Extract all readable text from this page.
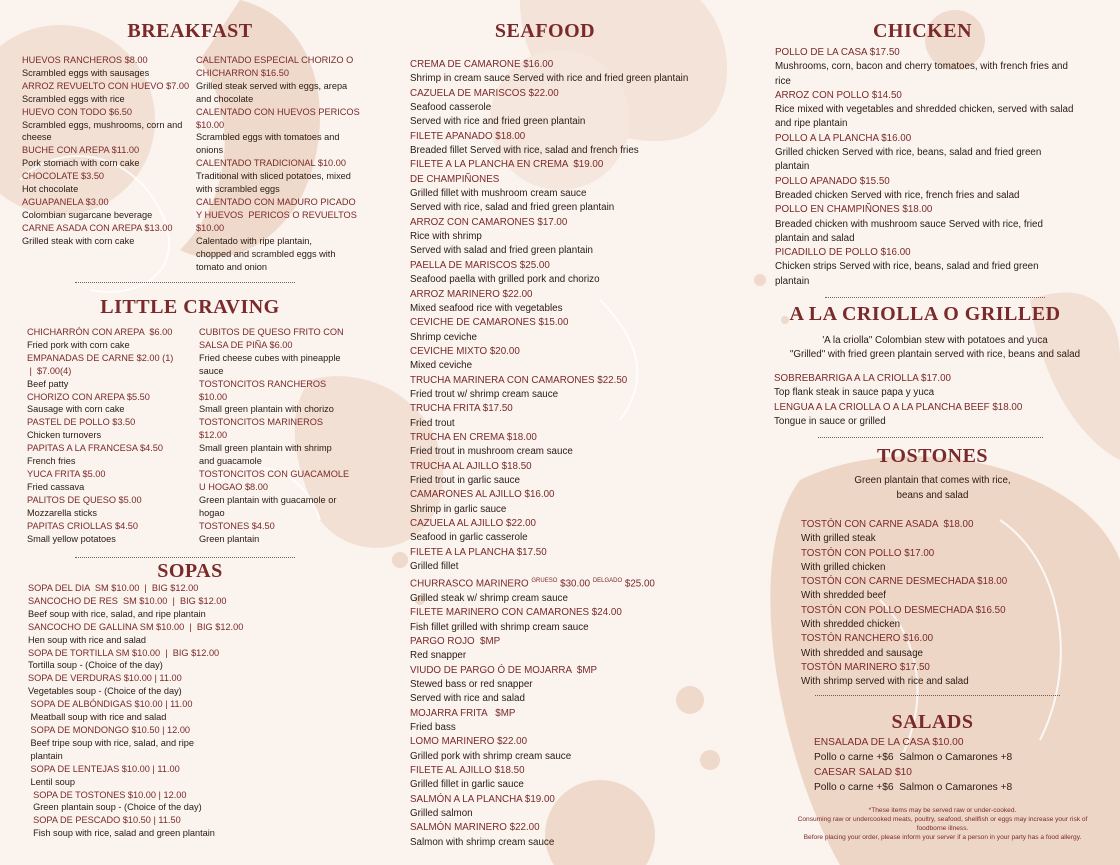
BREAKFAST
HUEVOS RANCHEROS $8.00
Scrambled eggs with sausages
ARROZ REVUELTO CON HUEVO $7.00
Scrambled eggs with rice
HUEVO CON TODO $6.50
Scrambled eggs, mushrooms, corn and
cheese
BUCHE CON AREPA $11.00
Pork stomach with corn cake
CHOCOLATE $3.50
Hot chocolate
AGUAPANELA $3.00
Colombian sugarcane beverage
CARNE ASADA CON AREPA $13.00
Grilled steak with corn cake
CALENTADO ESPECIAL CHORIZO O
CHICHARRON $16.50
Grilled steak served with eggs, arepa
and chocolate
CALENTADO CON HUEVOS PERICOS
$10.00
Scrambled eggs with tomatoes and
onions
CALENTADO TRADICIONAL $10.00
Traditional with sliced potatoes, mixed
with scrambled eggs
CALENTADO CON MADURO PICADO
Y HUEVOS  PERICOS O REVUELTOS
$10.00
Calentado with ripe plantain,
chopped and scrambled eggs with
tomato and onion
LITTLE CRAVING
CHICHARRÓN CON AREPA  $6.00
Fried pork with corn cake
EMPANADAS DE CARNE $2.00 (1)
|  $7.00(4)
Beef patty
CHORIZO CON AREPA $5.50
Sausage with corn cake
PASTEL DE POLLO $3.50
Chicken turnovers
PAPITAS A LA FRANCESA $4.50
French fries
YUCA FRITA $5.00
Fried cassava
PALITOS DE QUESO $5.00
Mozzarella sticks
PAPITAS CRIOLLAS $4.50
Small yellow potatoes
CUBITOS DE QUESO FRITO CON
SALSA DE PIÑA $6.00
Fried cheese cubes with pineapple
sauce
TOSTONCITOS RANCHEROS
$10.00
Small green plantain with chorizo
TOSTONCITOS MARINEROS
$12.00
Small green plantain with shrimp
and guacamole
TOSTONCITOS CON GUACAMOLE
U HOGAO $8.00
Green plantain with guacamole or
hogao
TOSTONES $4.50
Green plantain
SOPAS
SOPA DEL DIA  SM $10.00  |  BIG $12.00
SANCOCHO DE RES  SM $10.00  |  BIG $12.00
Beef soup with rice, salad, and ripe plantain
SANCOCHO DE GALLINA SM $10.00  |  BIG $12.00
Hen soup with rice and salad
SOPA DE TORTILLA SM $10.00  |  BIG $12.00
Tortilla soup - (Choice of the day)
SOPA DE VERDURAS $10.00 | 11.00
Vegetables soup - (Choice of the day)
SOPA DE ALBÓNDIGAS $10.00 | 11.00
Meatball soup with rice and salad
SOPA DE MONDONGO $10.50 | 12.00
Beef tripe soup with rice, salad, and ripe
plantain
SOPA DE LENTEJAS $10.00 | 11.00
Lentil soup
SOPA DE TOSTONES $10.00 | 12.00
Green plantain soup - (Choice of the day)
SOPA DE PESCADO $10.50 | 11.50
Fish soup with rice, salad and green plantain
SEAFOOD
CREMA DE CAMARONE $16.00
Shrimp in cream sauce Served with rice and fried green plantain
CAZUELA DE MARISCOS $22.00
Seafood casserole
Served with rice and fried green plantain
FILETE APANADO $18.00
Breaded fillet Served with rice, salad and french fries
FILETE A LA PLANCHA EN CREMA  $19.00
DE CHAMPIÑONES
Grilled fillet with mushroom cream sauce
Served with rice, salad and fried green plantain
ARROZ CON CAMARONES $17.00
Rice with shrimp
Served with salad and fried green plantain
PAELLA DE MARISCOS $25.00
Seafood paella with grilled pork and chorizo
ARROZ MARINERO $22.00
Mixed seafood rice with vegetables
CEVICHE DE CAMARONES $15.00
Shrimp ceviche
CEVICHE MIXTO $20.00
Mixed ceviche
TRUCHA MARINERA CON CAMARONES $22.50
Fried trout w/ shrimp cream sauce
TRUCHA FRITA $17.50
Fried trout
TRUCHA EN CREMA $18.00
Fried trout in mushroom cream sauce
TRUCHA AL AJILLO $18.50
Fried trout in garlic sauce
CAMARONES AL AJILLO $16.00
Shrimp in garlic sauce
CAZUELA AL AJILLO $22.00
Seafood in garlic casserole
FILETE A LA PLANCHA $17.50
Grilled fillet
CHURRASCO MARINERO $^{GRUESO}$ $30.00 $^{DELGADO}$ $25.00
Grilled steak w/ shrimp cream sauce
FILETE MARINERO CON CAMARONES $24.00
Fish fillet grilled with shrimp cream sauce
PARGO ROJO  $MP
Red snapper
VIUDO DE PARGO Ó DE MOJARRA  $MP
Stewed bass or red snapper
Served with rice and salad
MOJARRA FRITA   $MP
Fried bass
LOMO MARINERO $22.00
Grilled pork with shrimp cream sauce
FILETE AL AJILLO $18.50
Grilled fillet in garlic sauce
SALMÓN A LA PLANCHA $19.00
Grilled salmon
SALMÓN MARINERO $22.00
Salmon with shrimp cream sauce
CHICKEN
POLLO DE LA CASA $17.50
Mushrooms, corn, bacon and cherry tomatoes, with french fries and
rice
ARROZ CON POLLO $14.50
Rice mixed with vegetables and shredded chicken, served with salad
and ripe plantain
POLLO A LA PLANCHA $16.00
Grilled chicken Served with rice, beans, salad and fried green
plantain
POLLO APANADO $15.50
Breaded chicken Served with rice, french fries and salad
POLLO EN CHAMPIÑONES $18.00
Breaded chicken with mushroom sauce Served with rice, fried
plantain and salad
PICADILLO DE POLLO $16.00
Chicken strips Served with rice, beans, salad and fried green
plantain
A LA CRIOLLA O GRILLED
'A la criolla" Colombian stew with potatoes and yuca
"Grilled" with fried green plantain served with rice, beans and salad
SOBREBARRIGA A LA CRIOLLA $17.00
Top flank steak in sauce papa y yuca
LENGUA A LA CRIOLLA O A LA PLANCHA BEEF $18.00
Tongue in sauce or grilled
TOSTONES
Green plantain that comes with rice,
beans and salad
TOSTÓN CON CARNE ASADA  $18.00
With grilled steak
TOSTÓN CON POLLO $17.00
With grilled chicken
TOSTÓN CON CARNE DESMECHADA $18.00
With shredded beef
TOSTÓN CON POLLO DESMECHADA $16.50
With shredded chicken
TOSTÓN RANCHERO $16.00
With shredded and sausage
TOSTÓN MARINERO $17.50
With shrimp served with rice and salad
SALADS
ENSALADA DE LA CASA $10.00
Pollo o carne +$6  Salmon o Camarones +8
CAESAR SALAD $10
Pollo o carne +$6  Salmon o Camarones +8
*These items may be served raw or under-cooked.
Consuming raw or undercooked meats, poultry, seafood, shellfish or eggs may increase your risk of
foodborne illness.
Before placing your order, please inform your server if a person in your party has a food allergy.
